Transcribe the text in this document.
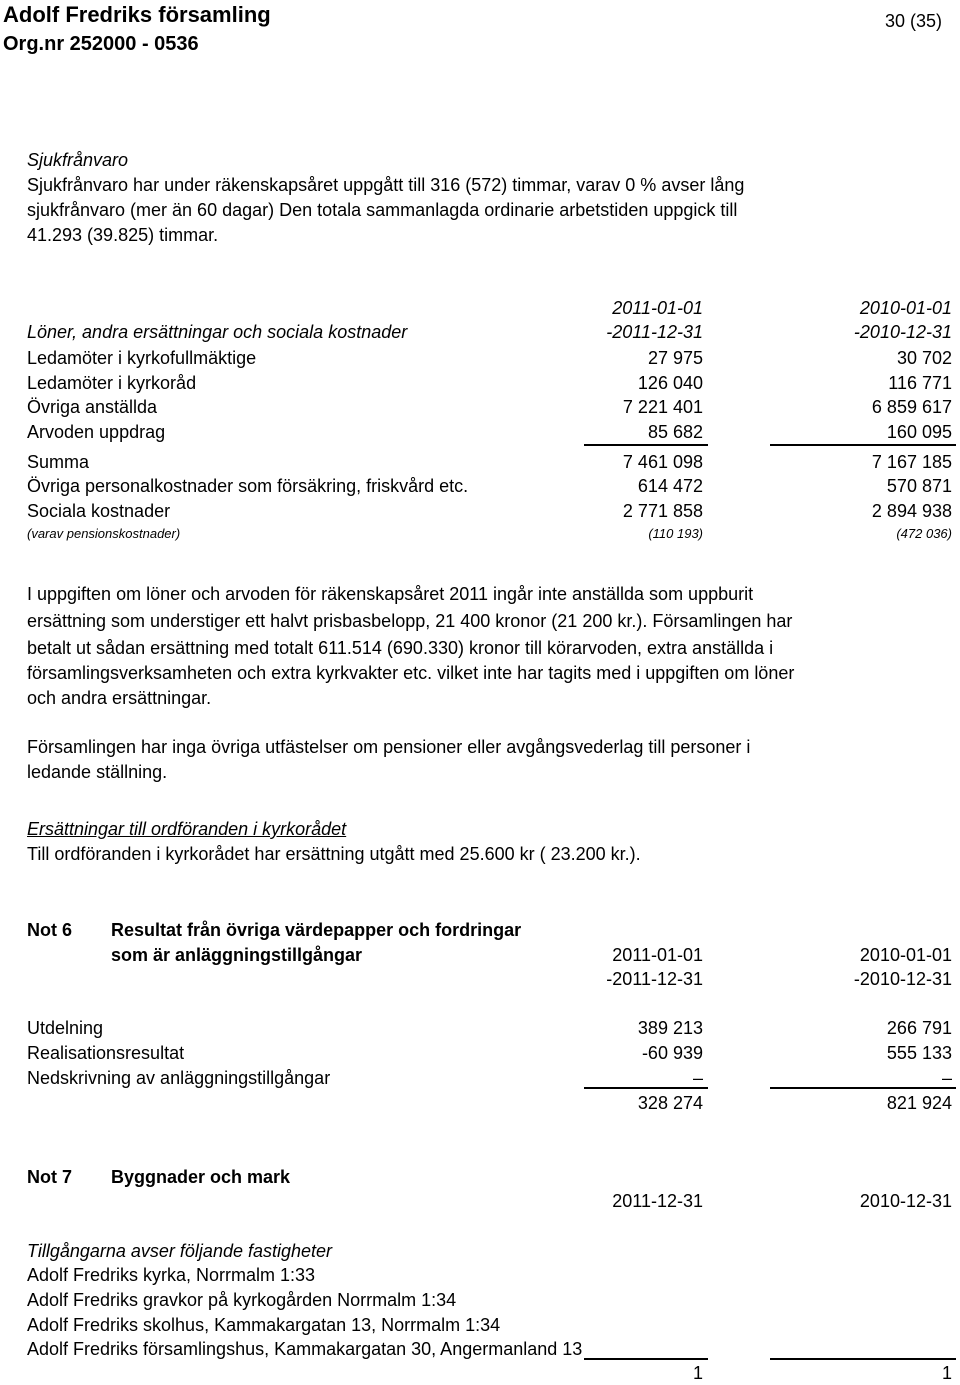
Adolf Fredriks församling
Org.nr 252000 - 0536
30 (35)
Sjukfrånvaro
Sjukfrånvaro har under räkenskapsåret uppgått till 316 (572) timmar, varav 0 % avser lång
sjukfrånvaro (mer än 60 dagar) Den totala sammanlagda ordinarie arbetstiden uppgick till
41.293 (39.825) timmar.
2011-01-01	2010-01-01
Löner, andra ersättningar och sociala kostnader	-2011-12-31	-2010-12-31
Ledamöter i kyrkofullmäktige	27 975	30 702
Ledamöter i kyrkoråd	126 040	116 771
Övriga anställda	7 221 401	6 859 617
Arvoden uppdrag	85 682	160 095
Summa	7 461 098	7 167 185
Övriga personalkostnader som försäkring, friskvård etc.	614 472	570 871
Sociala kostnader	2 771 858	2 894 938
(varav pensionskostnader)	(110 193)	(472 036)
I uppgiften om löner och arvoden för räkenskapsåret 2011 ingår inte anställda som uppburit
ersättning som understiger ett halvt prisbasbelopp, 21 400 kronor (21 200 kr.). Församlingen har
betalt ut sådan ersättning med totalt 611.514 (690.330) kronor till körarvoden, extra anställda i
församlingsverksamheten och extra kyrkvakter etc. vilket inte har tagits med i uppgiften om löner
och andra ersättningar.
Församlingen har inga övriga utfästelser om pensioner eller avgångsvederlag till personer i
ledande ställning.
Ersättningar till ordföranden i kyrkorådet
Till ordföranden i kyrkorådet har ersättning utgått med 25.600 kr ( 23.200 kr.).
Not 6 Resultat från övriga värdepapper och fordringar
som är anläggningstillgångar	2011-01-01	2010-01-01
-2011-12-31	-2010-12-31
Utdelning	389 213	266 791
Realisationsresultat	-60 939	555 133
Nedskrivning av anläggningstillgångar	–	–
328 274	821 924
Not 7 Byggnader och mark
2011-12-31	2010-12-31
Tillgångarna avser följande fastigheter
Adolf Fredriks kyrka, Norrmalm 1:33
Adolf Fredriks gravkor på kyrkogården Norrmalm 1:34
Adolf Fredriks skolhus, Kammakargatan 13, Norrmalm 1:34
Adolf Fredriks församlingshus, Kammakargatan 30, Angermanland 13
1	1
